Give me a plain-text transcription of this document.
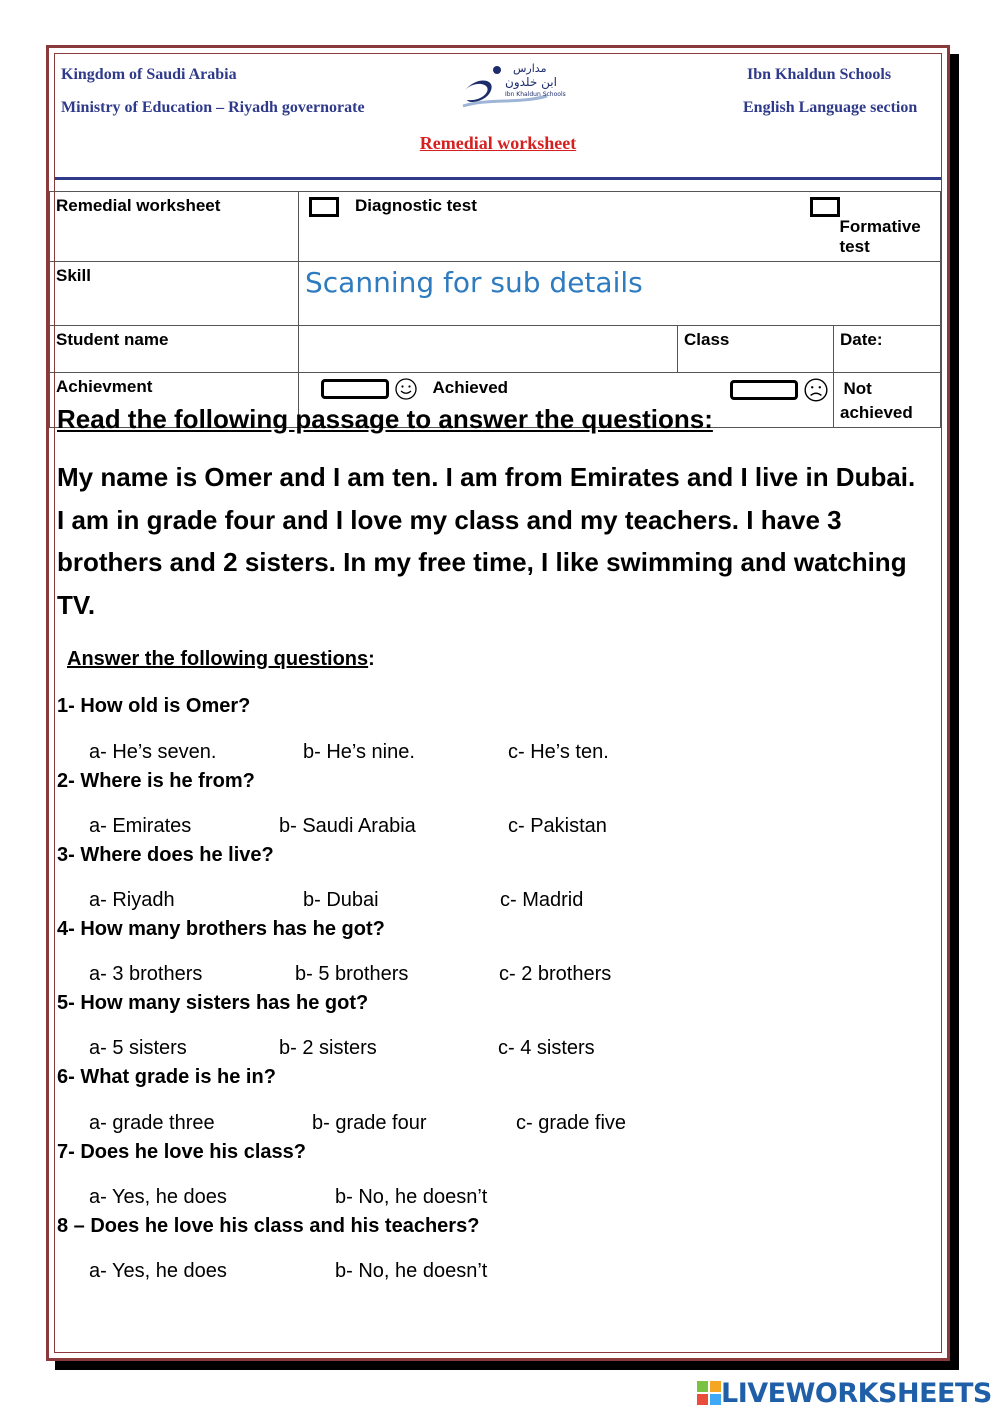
Kingdom of Saudi Arabia
Ministry of Education – Riyadh governorate
Ibn Khaldun Schools
English Language section
مدارس
ابن خلدون
Ibn Khaldun Schools
Remedial worksheet
Remedial worksheet	Diagnostic test		Formative test
Skill	Scanning for sub details		
Student name		Class	Date:
Achievment	Achieved		Not achieved
Read the following passage to answer the questions:
My name is Omer and I am ten. I am from Emirates and I live in Dubai. I am in grade four and I love my class and my teachers. I have 3 brothers and 2 sisters. In my free time, I like swimming and watching TV.
Answer the following questions:
1- How old is Omer?
a- He’s seven.	b- He’s nine.	c- He’s ten.
2- Where is he from?
a- Emirates	b- Saudi Arabia	c- Pakistan
3- Where does he live?
a- Riyadh	b- Dubai	c- Madrid
4- How many brothers has he got?
a- 3 brothers	b- 5 brothers	c- 2 brothers
5- How many sisters has he got?
a- 5 sisters	b- 2 sisters	c- 4 sisters
6- What grade is he in?
a- grade three	b- grade four	c- grade five
7- Does he love his class?
a- Yes, he does	b- No, he doesn’t
8 – Does he love his class and his teachers?
a- Yes, he does	b- No, he doesn’t
LIVEWORKSHEETS
